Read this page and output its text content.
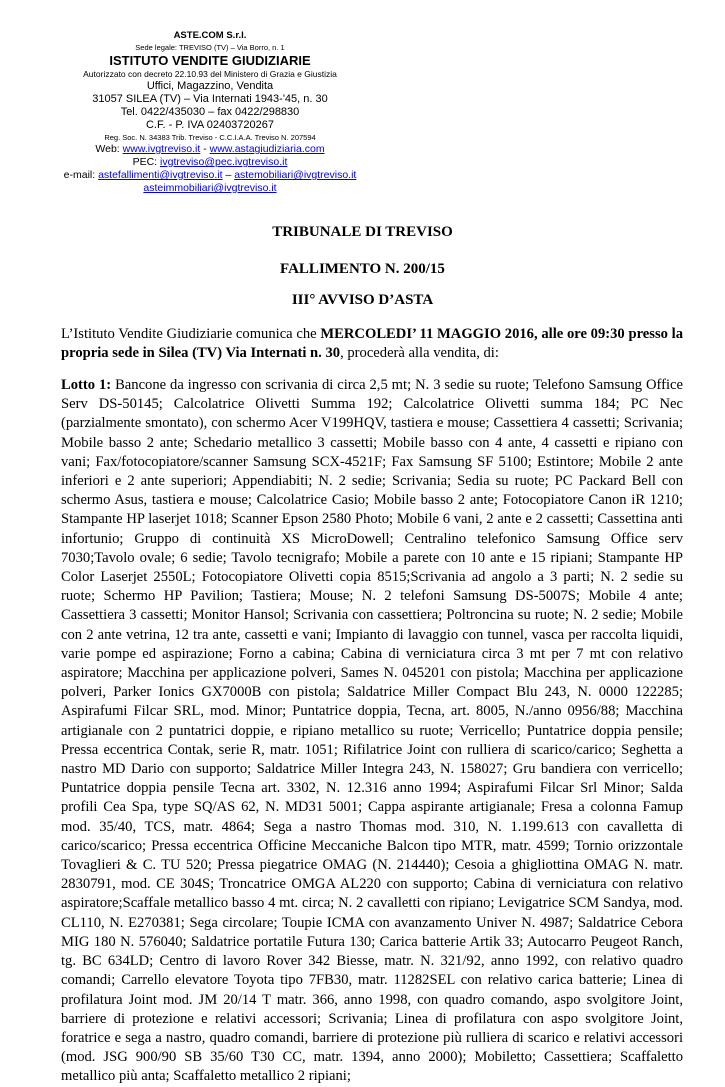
ASTE.COM S.r.l.
Sede legale: TREVISO (TV) – Via Borro, n. 1
ISTITUTO VENDITE GIUDIZIARIE
Autorizzato con decreto 22.10.93 del Ministero di Grazia e Giustizia
Uffici, Magazzino, Vendita
31057 SILEA (TV) – Via Internati 1943-'45, n. 30
Tel. 0422/435030 – fax 0422/298830
C.F. - P. IVA 02403720267
Reg. Soc. N. 34383 Trib. Treviso - C.C.I.A.A. Treviso N. 207594
Web: www.ivgtreviso.it - www.astagiudiziaria.com
PEC: ivgtreviso@pec.ivgtreviso.it
e-mail: astefallimenti@ivgtreviso.it – astemobiliari@ivgtreviso.it
asteimmobiliari@ivgtreviso.it
TRIBUNALE DI TREVISO
FALLIMENTO N. 200/15
III° AVVISO D’ASTA
L’Istituto Vendite Giudiziarie comunica che MERCOLEDI’ 11 MAGGIO 2016, alle ore 09:30 presso la propria sede in Silea (TV) Via Internati n. 30, procederà alla vendita, di:
Lotto 1: Bancone da ingresso con scrivania di circa 2,5 mt; N. 3 sedie su ruote; Telefono Samsung Office Serv DS-50145; Calcolatrice Olivetti Summa 192; Calcolatrice Olivetti summa 184; PC Nec (parzialmente smontato), con schermo Acer V199HQV, tastiera e mouse; Cassettiera 4 cassetti; Scrivania; Mobile basso 2 ante; Schedario metallico 3 cassetti; Mobile basso con 4 ante, 4 cassetti e ripiano con vani; Fax/fotocopiatore/scanner Samsung SCX-4521F; Fax Samsung SF 5100; Estintore; Mobile 2 ante inferiori e 2 ante superiori; Appendiabiti; N. 2 sedie; Scrivania; Sedia su ruote; PC Packard Bell con schermo Asus, tastiera e mouse; Calcolatrice Casio; Mobile basso 2 ante; Fotocopiatore Canon iR 1210; Stampante HP laserjet 1018; Scanner Epson 2580 Photo; Mobile 6 vani, 2 ante e 2 cassetti; Cassettina anti infortunio; Gruppo di continuità XS MicroDowell; Centralino telefonico Samsung Office serv 7030;Tavolo ovale; 6 sedie; Tavolo tecnigrafo; Mobile a parete con 10 ante e 15 ripiani; Stampante HP Color Laserjet 2550L; Fotocopiatore Olivetti copia 8515;Scrivania ad angolo a 3 parti; N. 2 sedie su ruote; Schermo HP Pavilion; Tastiera; Mouse; N. 2 telefoni Samsung DS-5007S; Mobile 4 ante; Cassettiera 3 cassetti; Monitor Hansol; Scrivania con cassettiera; Poltroncina su ruote; N. 2 sedie; Mobile con 2 ante vetrina, 12 tra ante, cassetti e vani; Impianto di lavaggio con tunnel, vasca per raccolta liquidi, varie pompe ed aspirazione; Forno a cabina; Cabina di verniciatura circa 3 mt per 7 mt con relativo aspiratore; Macchina per applicazione polveri, Sames N. 045201 con pistola; Macchina per applicazione polveri, Parker Ionics GX7000B con pistola; Saldatrice Miller Compact Blu 243, N. 0000 122285; Aspirafumi Filcar SRL, mod. Minor; Puntatrice doppia, Tecna, art. 8005, N./anno 0956/88; Macchina artigianale con 2 puntatrici doppie, e ripiano metallico su ruote; Verricello; Puntatrice doppia pensile; Pressa eccentrica Contak, serie R, matr. 1051; Rifilatrice Joint con rulliera di scarico/carico; Seghetta a nastro MD Dario con supporto; Saldatrice Miller Integra 243, N. 158027; Gru bandiera con verricello; Puntatrice doppia pensile Tecna art. 3302, N. 12.316 anno 1994; Aspirafumi Filcar Srl Minor; Salda profili Cea Spa, type SQ/AS 62, N. MD31 5001; Cappa aspirante artigianale; Fresa a colonna Famup mod. 35/40, TCS, matr. 4864; Sega a nastro Thomas mod. 310, N. 1.199.613 con cavalletta di carico/scarico; Pressa eccentrica Officine Meccaniche Balcon tipo MTR, matr. 4599; Tornio orizzontale Tovaglieri & C. TU 520; Pressa piegatrice OMAG (N. 214440); Cesoia a ghigliottina OMAG N. matr. 2830791, mod. CE 304S; Troncatrice OMGA AL220 con supporto; Cabina di verniciatura con relativo aspiratore;Scaffale metallico basso 4 mt. circa; N. 2 cavalletti con ripiano; Levigatrice SCM Sandya, mod. CL110, N. E270381; Sega circolare; Toupie ICMA con avanzamento Univer N. 4987; Saldatrice Cebora MIG 180 N. 576040; Saldatrice portatile Futura 130; Carica batterie Artik 33; Autocarro Peugeot Ranch, tg. BC 634LD; Centro di lavoro Rover 342 Biesse, matr. N. 321/92, anno 1992, con relativo quadro comandi; Carrello elevatore Toyota tipo 7FB30, matr. 11282SEL con relativo carica batterie; Linea di profilatura Joint mod. JM 20/14 T matr. 366, anno 1998, con quadro comando, aspo svolgitore Joint, barriere di protezione e relativi accessori; Scrivania; Linea di profilatura con aspo svolgitore Joint, foratrice e sega a nastro, quadro comandi, barriere di protezione più rulliera di scarico e relativi accessori (mod. JSG 900/90 SB 35/60 T30 CC, matr. 1394, anno 2000); Mobiletto; Cassettiera; Scaffaletto metallico più anta; Scaffaletto metallico 2 ripiani;
